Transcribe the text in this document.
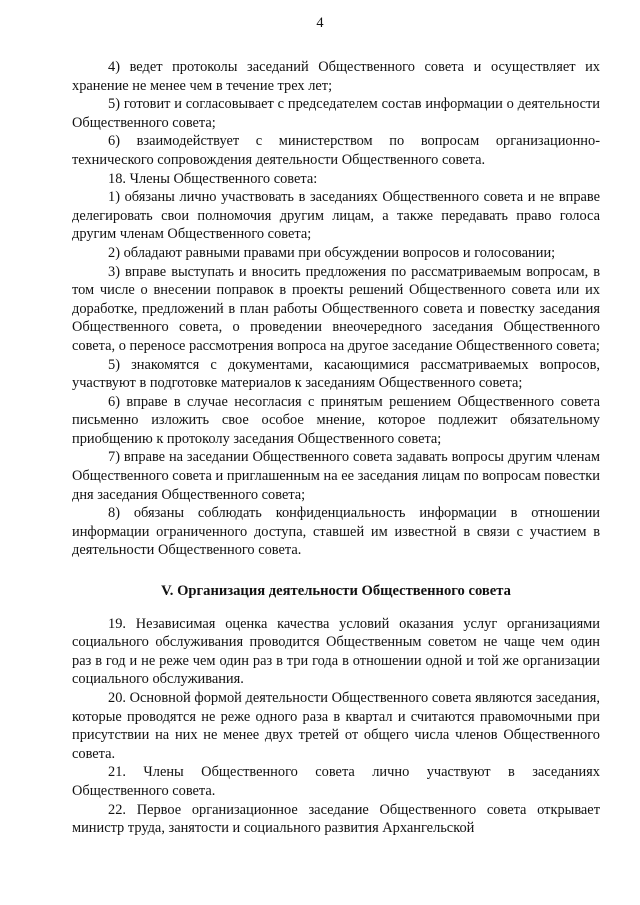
4

4) ведет протоколы заседаний Общественного совета и осуществляет их хранение не менее чем в течение трех лет;

5) готовит и согласовывает с председателем состав информации о деятельности Общественного совета;

6) взаимодействует с министерством по вопросам организационно-технического сопровождения деятельности Общественного совета.

18. Члены Общественного совета:

1) обязаны лично участвовать в заседаниях Общественного совета и не вправе делегировать свои полномочия другим лицам, а также передавать право голоса другим членам Общественного совета;

2) обладают равными правами при обсуждении вопросов и голосовании;

3) вправе выступать и вносить предложения по рассматриваемым вопросам, в том числе о внесении поправок в проекты решений Общественного совета или их доработке, предложений в план работы Общественного совета и повестку заседания Общественного совета, о проведении внеочередного заседания Общественного совета, о переносе рассмотрения вопроса на другое заседание Общественного совета;

5) знакомятся с документами, касающимися рассматриваемых вопросов, участвуют в подготовке материалов к заседаниям Общественного совета;

6) вправе в случае несогласия с принятым решением Общественного совета письменно изложить свое особое мнение, которое подлежит обязательному приобщению к протоколу заседания Общественного совета;

7) вправе на заседании Общественного совета задавать вопросы другим членам Общественного совета и приглашенным на ее заседания лицам по вопросам повестки дня заседания Общественного совета;

8) обязаны соблюдать конфиденциальность информации в отношении информации ограниченного доступа, ставшей им известной в связи с участием в деятельности Общественного совета.

V. Организация деятельности Общественного совета

19. Независимая оценка качества условий оказания услуг организациями социального обслуживания проводится Общественным советом не чаще чем один раз в год и не реже чем один раз в три года в отношении одной и той же организации социального обслуживания.

20. Основной формой деятельности Общественного совета являются заседания, которые проводятся не реже одного раза в квартал и считаются правомочными при присутствии на них не менее двух третей от общего числа членов Общественного совета.

21. Члены Общественного совета лично участвуют в заседаниях Общественного совета.

22. Первое организационное заседание Общественного совета открывает министр труда, занятости и социального развития Архангельской
